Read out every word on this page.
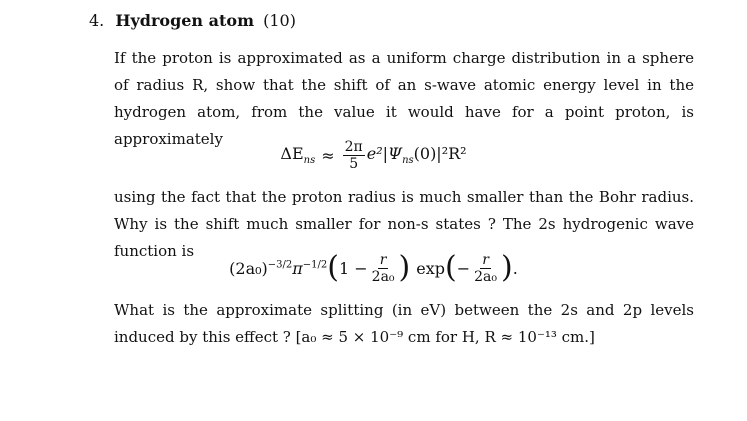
4. Hydrogen atom (10)
If the proton is approximated as a uniform charge distribution in a sphere of radius R, show that the shift of an s-wave atomic energy level in the hydrogen atom, from the value it would have for a point proton, is approximately
$\Delta E_{ns} \approx \frac{2\pi}{5} e^2|\Psi_{ns}(0)|^2R^2$
using the fact that the proton radius is much smaller than the Bohr radius. Why is the shift much smaller for non-s states ? The 2s hydrogenic wave function is
$(2a_0)^{-3/2}\pi^{-1/2}$ ( $1 - \frac{r}{\text{2a₀}}$ ) exp ( − $\frac{r}{\text{2a₀}}$ ) .
What is the approximate splitting (in eV) between the 2s and 2p levels induced by this effect ? [a₀ ≈ 5 × 10⁻⁹ cm for H, R ≈ 10⁻¹³ cm.]
